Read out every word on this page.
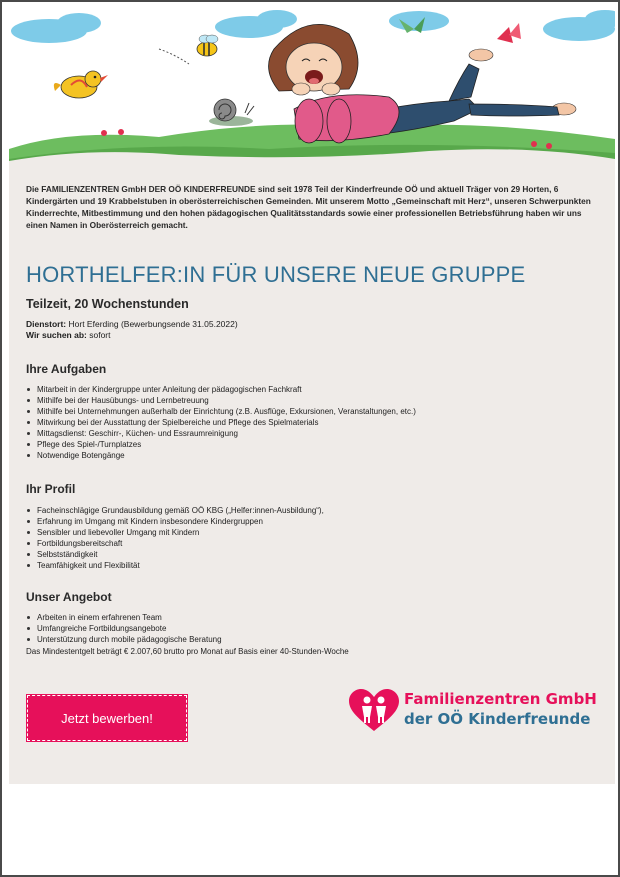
Die FAMILIENZENTREN GmbH DER OÖ KINDERFREUNDE sind seit 1978 Teil der Kinderfreunde OÖ und aktuell Träger von 29 Horten, 6 Kindergärten und 19 Krabbelstuben in oberösterreichischen Gemeinden. Mit unserem Motto „Gemeinschaft mit Herz“, unseren Schwerpunkten Kinderrechte, Mitbestimmung und den hohen pädagogischen Qualitätsstandards sowie einer professionellen Betriebsführung haben wir uns einen Namen in Oberösterreich gemacht.
HORTHELFER:IN FÜR UNSERE NEUE GRUPPE
Teilzeit, 20 Wochenstunden
Dienstort: Hort Eferding (Bewerbungsende 31.05.2022)
Wir suchen ab: sofort
Ihre Aufgaben
Mitarbeit in der Kindergruppe unter Anleitung der pädagogischen Fachkraft
Mithilfe bei der Hausübungs- und Lernbetreuung
Mithilfe bei Unternehmungen außerhalb der Einrichtung (z.B. Ausflüge, Exkursionen, Veranstaltungen, etc.)
Mitwirkung bei der Ausstattung der Spielbereiche und Pflege des Spielmaterials
Mittagsdienst: Geschirr-, Küchen- und Essraumreinigung
Pflege des Spiel-/Turnplatzes
Notwendige Botengänge
Ihr Profil
Facheinschlägige Grundausbildung gemäß OÖ KBG („Helfer:innen-Ausbildung“),
Erfahrung im Umgang mit Kindern insbesondere Kindergruppen
Sensibler und liebevoller Umgang mit Kindern
Fortbildungsbereitschaft
Selbstständigkeit
Teamfähigkeit und Flexibilität
Unser Angebot
Arbeiten in einem erfahrenen Team
Umfangreiche Fortbildungsangebote
Unterstützung durch mobile pädagogische Beratung
Das Mindestentgelt beträgt € 2.007,60 brutto pro Monat auf Basis einer 40-Stunden-Woche
Jetzt bewerben!
Familienzentren GmbH
der OÖ Kinderfreunde
